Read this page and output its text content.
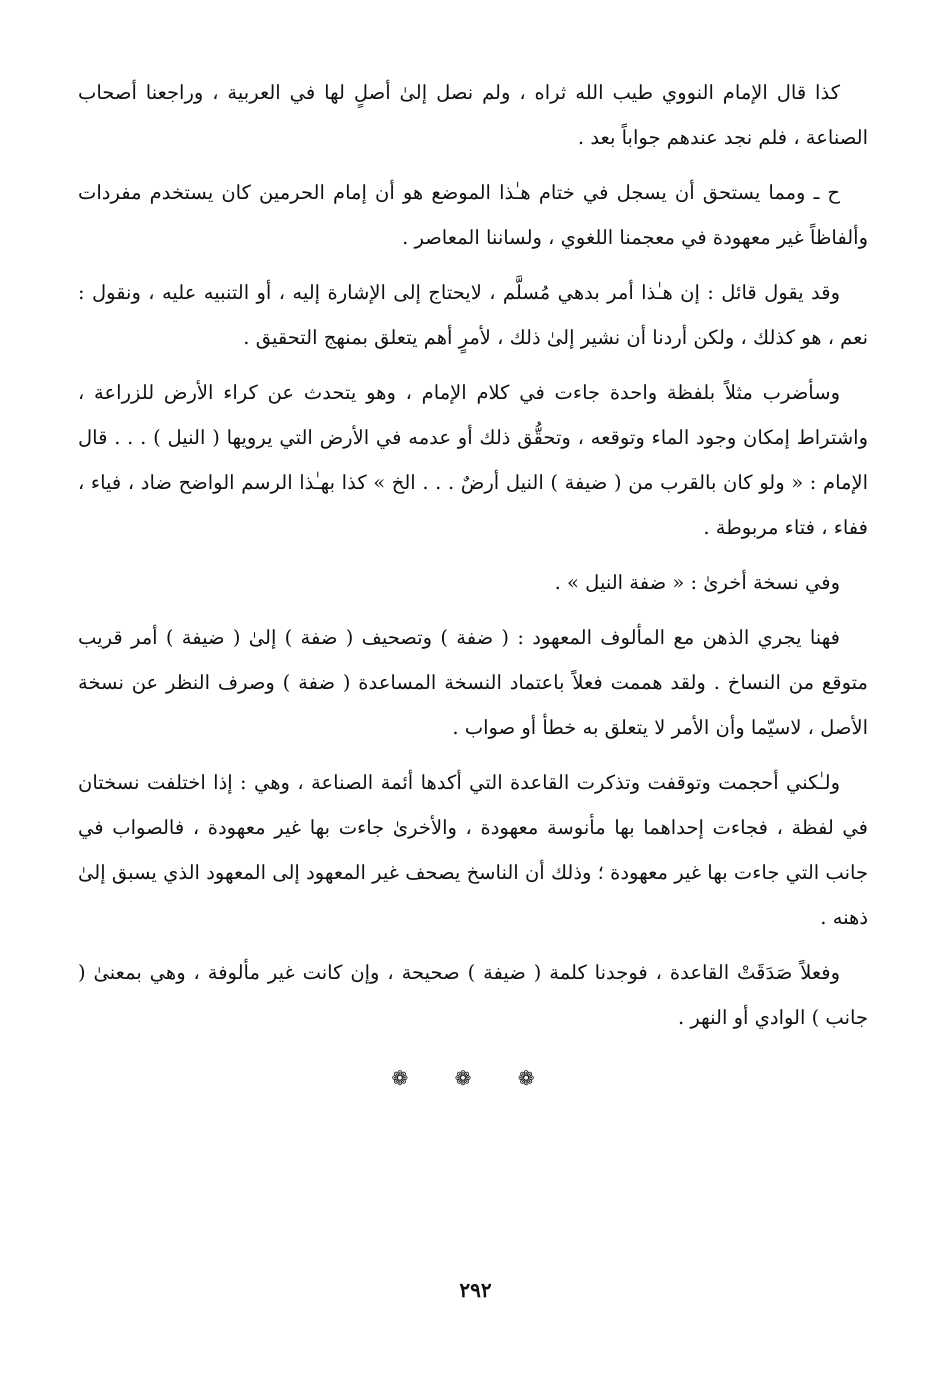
كذا قال الإمام النووي طيب الله ثراه ، ولم نصل إلىٰ أصلٍ لها في العربية ، وراجعنا أصحاب الصناعة ، فلم نجد عندهم جواباً بعد .

ح ـ ومما يستحق أن يسجل في ختام هـٰذا الموضع هو أن إمام الحرمين كان يستخدم مفردات وألفاظاً غير معهودة في معجمنا اللغوي ، ولساننا المعاصر .

وقد يقول قائل : إن هـٰذا أمر بدهي مُسلَّم ، لايحتاج إلى الإشارة إليه ، أو التنبيه عليه ، ونقول : نعم ، هو كذلك ، ولكن أردنا أن نشير إلىٰ ذلك ، لأمرٍ أهم يتعلق بمنهج التحقيق .

وسأضرب مثلاً بلفظة واحدة جاءت في كلام الإمام ، وهو يتحدث عن كراء الأرض للزراعة ، واشتراط إمكان وجود الماء وتوقعه ، وتحقُّق ذلك أو عدمه في الأرض التي يرويها ( النيل ) . . . قال الإمام : « ولو كان بالقرب من ( ضيفة ) النيل أرضٌ . . . الخ » كذا بهـٰذا الرسم الواضح ضاد ، فياء ، ففاء ، فتاء مربوطة .

وفي نسخة أخرىٰ : « ضفة النيل » .

فهنا يجري الذهن مع المألوف المعهود : ( ضفة ) وتصحيف ( ضفة ) إلىٰ ( ضيفة ) أمر قريب متوقع من النساخ . ولقد هممت فعلاً باعتماد النسخة المساعدة ( ضفة ) وصرف النظر عن نسخة الأصل ، لاسيّما وأن الأمر لا يتعلق به خطأ أو صواب .

ولـٰكني أحجمت وتوقفت وتذكرت القاعدة التي أكدها أئمة الصناعة ، وهي : إذا اختلفت نسختان في لفظة ، فجاءت إحداهما بها مأنوسة معهودة ، والأخرىٰ جاءت بها غير معهودة ، فالصواب في جانب التي جاءت بها غير معهودة ؛ وذلك أن الناسخ يصحف غير المعهود إلى المعهود الذي يسبق إلىٰ ذهنه .

وفعلاً صَدَقَتْ القاعدة ، فوجدنا كلمة ( ضيفة ) صحيحة ، وإن كانت غير مألوفة ، وهي بمعنىٰ ( جانب ) الوادي أو النهر .

❁ ❁ ❁
٢٩٢
